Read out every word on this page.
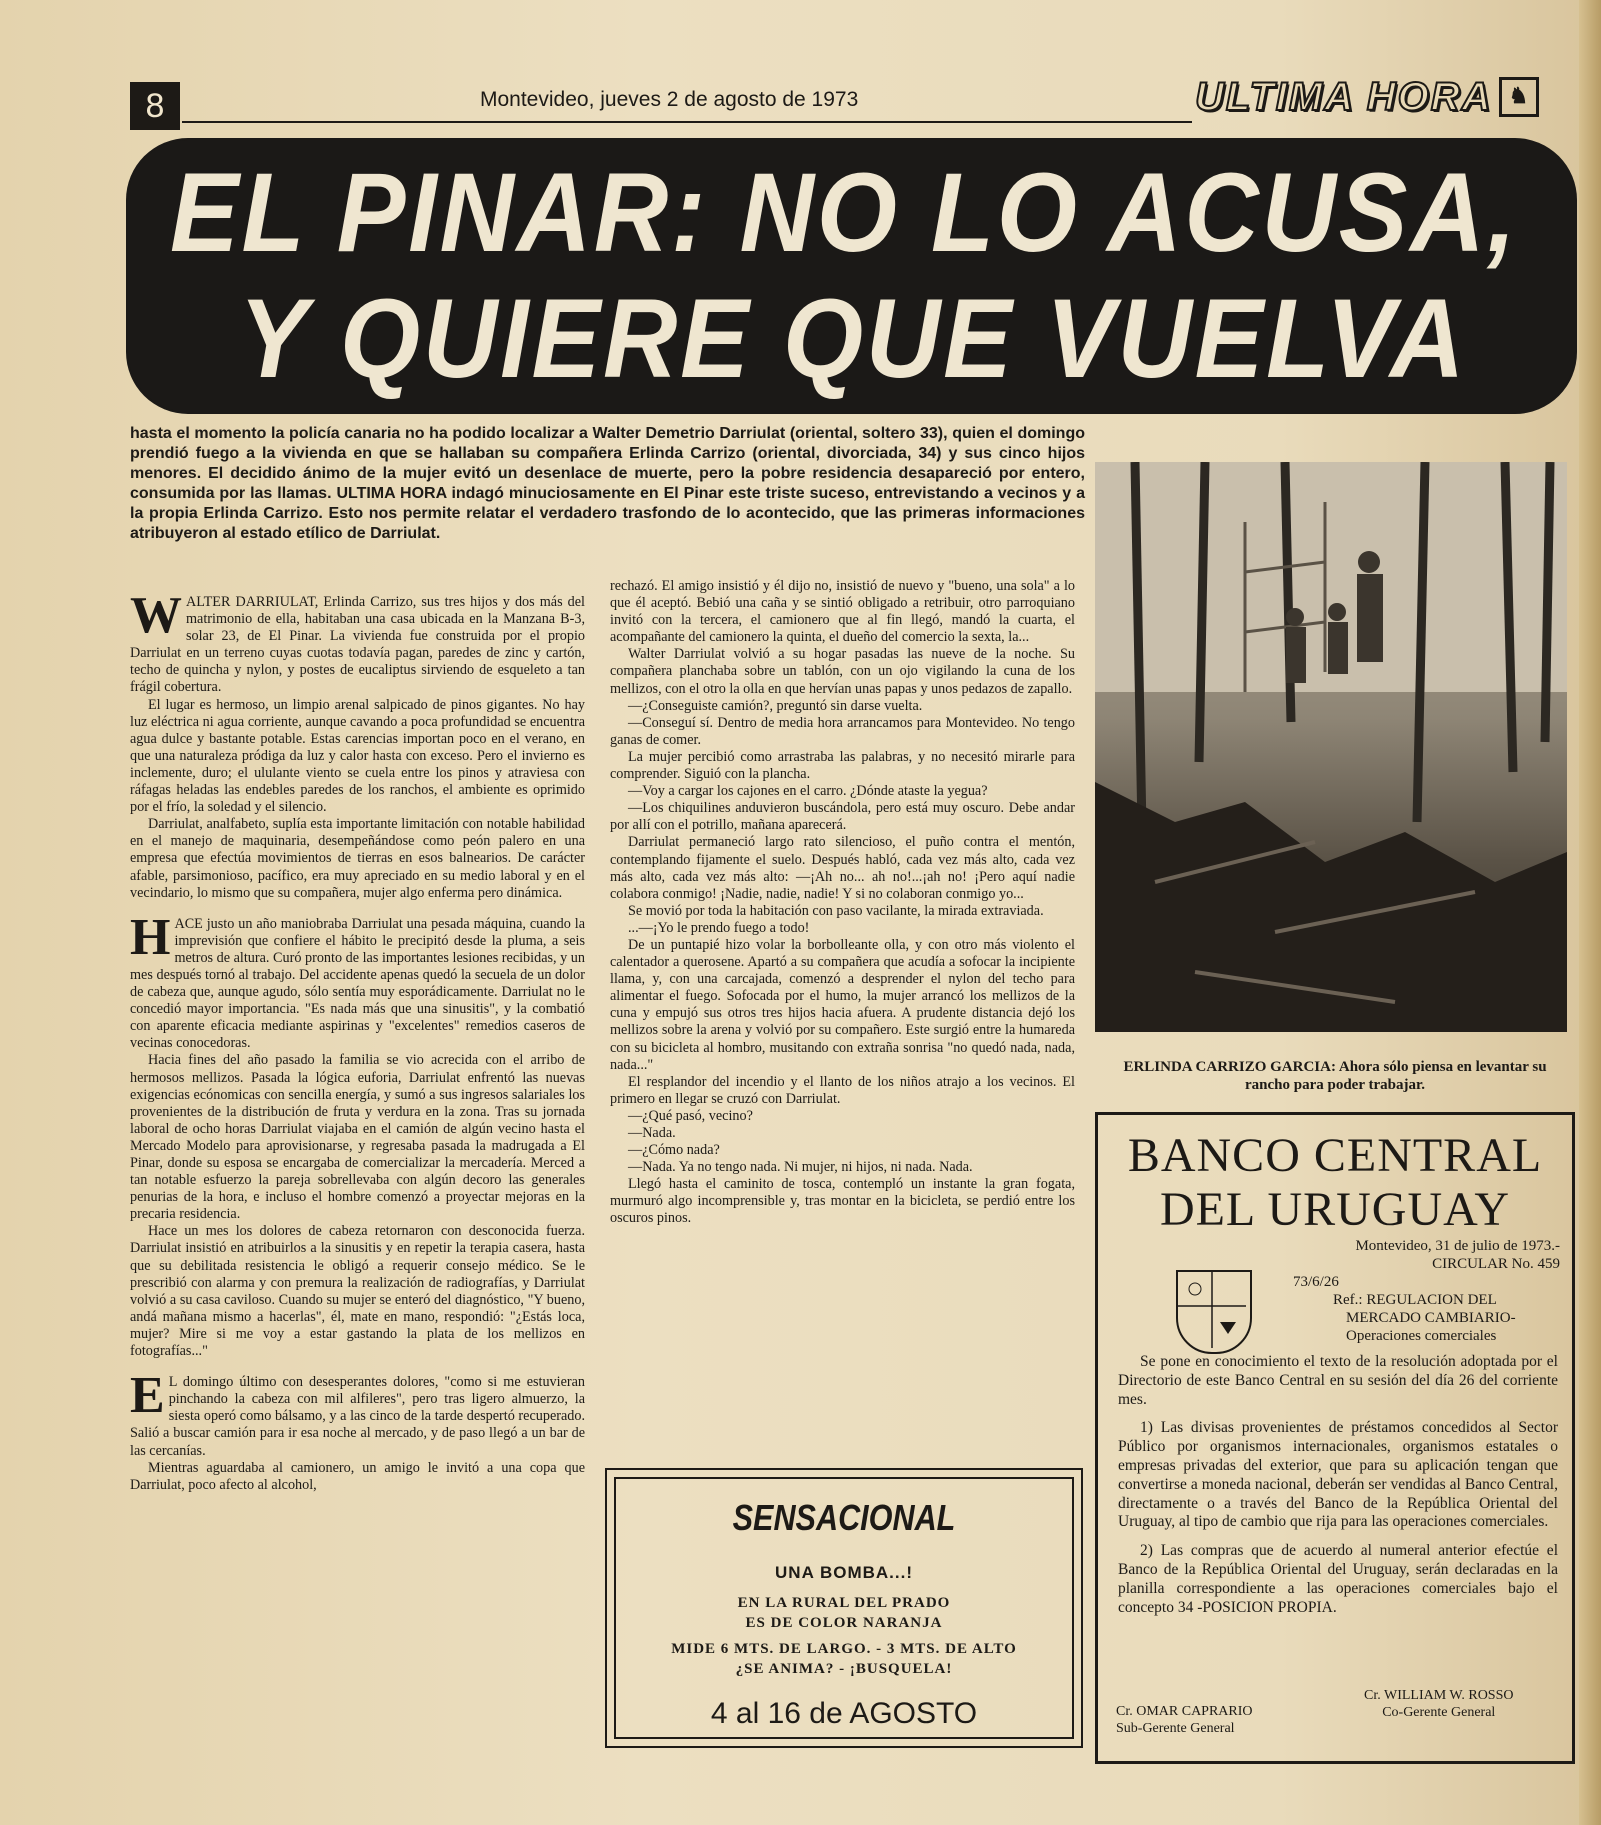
8	Montevideo, jueves 2 de agosto de 1973	ULTIMA HORA ♞
EL PINAR: NO LO ACUSA,
Y QUIERE QUE VUELVA
hasta el momento la policía canaria no ha podido localizar a Walter Demetrio Darriulat (oriental, soltero 33), quien el domingo prendió fuego a la vivienda en que se hallaban su compañera Erlinda Carrizo (oriental, divorciada, 34) y sus cinco hijos menores. El decidido ánimo de la mujer evitó un desenlace de muerte, pero la pobre residencia desapareció por entero, consumida por las llamas. ULTIMA HORA indagó minuciosamente en El Pinar este triste suceso, entrevistando a vecinos y a la propia Erlinda Carrizo. Esto nos permite relatar el verdadero trasfondo de lo acontecido, que las primeras informaciones atribuyeron al estado etílico de Darriulat.

WALTER DARRIULAT, Erlinda Carrizo, sus tres hijos y dos más del matrimonio de ella, habitaban una casa ubicada en la Manzana B-3, solar 23, de El Pinar. La vivienda fue construida por el propio Darriulat en un terreno cuyas cuotas todavía pagan, paredes de zinc y cartón, techo de quincha y nylon, y postes de eucaliptus sirviendo de esqueleto a tan frágil cobertura.

El lugar es hermoso, un limpio arenal salpicado de pinos gigantes. No hay luz eléctrica ni agua corriente, aunque cavando a poca profundidad se encuentra agua dulce y bastante potable. Estas carencias importan poco en el verano, en que una naturaleza pródiga da luz y calor hasta con exceso. Pero el invierno es inclemente, duro; el ululante viento se cuela entre los pinos y atraviesa con ráfagas heladas las endebles paredes de los ranchos, el ambiente es oprimido por el frío, la soledad y el silencio.

Darriulat, analfabeto, suplía esta importante limitación con notable habilidad en el manejo de maquinaria, desempeñándose como peón palero en una empresa que efectúa movimientos de tierras en esos balnearios. De carácter afable, parsimonioso, pacífico, era muy apreciado en su medio laboral y en el vecindario, lo mismo que su compañera, mujer algo enferma pero dinámica.

HACE justo un año maniobraba Darriulat una pesada máquina, cuando la imprevisión que confiere el hábito le precipitó desde la pluma, a seis metros de altura. Curó pronto de las importantes lesiones recibidas, y un mes después tornó al trabajo. Del accidente apenas quedó la secuela de un dolor de cabeza que, aunque agudo, sólo sentía muy esporádicamente. Darriulat no le concedió mayor importancia. "Es nada más que una sinusitis", y la combatió con aparente eficacia mediante aspirinas y "excelentes" remedios caseros de vecinas conocedoras.

Hacia fines del año pasado la familia se vio acrecida con el arribo de hermosos mellizos. Pasada la lógica euforia, Darriulat enfrentó las nuevas exigencias ecónomicas con sencilla energía, y sumó a sus ingresos salariales los provenientes de la distribución de fruta y verdura en la zona. Tras su jornada laboral de ocho horas Darriulat viajaba en el camión de algún vecino hasta el Mercado Modelo para aprovisionarse, y regresaba pasada la madrugada a El Pinar, donde su esposa se encargaba de comercializar la mercadería. Merced a tan notable esfuerzo la pareja sobrellevaba con algún decoro las generales penurias de la hora, e incluso el hombre comenzó a proyectar mejoras en la precaria residencia.

Hace un mes los dolores de cabeza retornaron con desconocida fuerza. Darriulat insistió en atribuirlos a la sinusitis y en repetir la terapia casera, hasta que su debilitada resistencia le obligó a requerir consejo médico. Se le prescribió con alarma y con premura la realización de radiografías, y Darriulat volvió a su casa caviloso. Cuando su mujer se enteró del diagnóstico, "Y bueno, andá mañana mismo a hacerlas", él, mate en mano, respondió: "¿Estás loca, mujer? Mire si me voy a estar gastando la plata de los mellizos en fotografías..."

E L domingo último con desesperantes dolores, "como si me estuvieran pinchando la cabeza con mil alfileres", pero tras ligero almuerzo, la siesta operó como bálsamo, y a las cinco de la tarde despertó recuperado. Salió a buscar camión para ir esa noche al mercado, y de paso llegó a un bar de las cercanías.

Mientras aguardaba al camionero, un amigo le invitó a una copa que Darriulat, poco afecto al alcohol,

rechazó. El amigo insistió y él dijo no, insistió de nuevo y "bueno, una sola" a lo que él aceptó. Bebió una caña y se sintió obligado a retribuir, otro parroquiano invitó con la tercera, el camionero que al fin llegó, mandó la cuarta, el acompañante del camionero la quinta, el dueño del comercio la sexta, la...

Walter Darriulat volvió a su hogar pasadas las nueve de la noche. Su compañera planchaba sobre un tablón, con un ojo vigilando la cuna de los mellizos, con el otro la olla en que hervían unas papas y unos pedazos de zapallo.

—¿Conseguiste camión?, preguntó sin darse vuelta.

—Conseguí sí. Dentro de media hora arrancamos para Montevideo. No tengo ganas de comer.

La mujer percibió como arrastraba las palabras, y no necesitó mirarle para comprender. Siguió con la plancha.

—Voy a cargar los cajones en el carro. ¿Dónde ataste la yegua?

—Los chiquilines anduvieron buscándola, pero está muy oscuro. Debe andar por allí con el potrillo, mañana aparecerá.

Darriulat permaneció largo rato silencioso, el puño contra el mentón, contemplando fijamente el suelo. Después habló, cada vez más alto, cada vez más alto, cada vez más alto: —¡Ah no... ah no!...¡ah no! ¡Pero aquí nadie colabora conmigo! ¡Nadie, nadie, nadie! Y si no colaboran conmigo yo...

Se movió por toda la habitación con paso vacilante, la mirada extraviada.

...—¡Yo le prendo fuego a todo!

De un puntapié hizo volar la borbolleante olla, y con otro más violento el calentador a querosene. Apartó a su compañera que acudía a sofocar la incipiente llama, y, con una carcajada, comenzó a desprender el nylon del techo para alimentar el fuego. Sofocada por el humo, la mujer arrancó los mellizos de la cuna y empujó sus otros tres hijos hacia afuera. A prudente distancia dejó los mellizos sobre la arena y volvió por su compañero. Este surgió entre la humareda con su bicicleta al hombro, musitando con extraña sonrisa "no quedó nada, nada, nada..."

El resplandor del incendio y el llanto de los niños atrajo a los vecinos. El primero en llegar se cruzó con Darriulat.

—¿Qué pasó, vecino?

—Nada.

—¿Cómo nada?

—Nada. Ya no tengo nada. Ni mujer, ni hijos, ni nada. Nada.

Llegó hasta el caminito de tosca, contempló un instante la gran fogata, murmuró algo incomprensible y, tras montar en la bicicleta, se perdió entre los oscuros pinos.

ERLINDA CARRIZO GARCIA: Ahora sólo piensa en levantar su rancho para poder trabajar.
SENSACIONAL
UNA BOMBA...!
EN LA RURAL DEL PRADO
ES DE COLOR NARANJA
MIDE 6 MTS. DE LARGO. - 3 MTS. DE ALTO
¿SE ANIMA? - ¡BUSQUELA!
4 al 16 de AGOSTO
BANCO CENTRAL
DEL URUGUAY
Montevideo, 31 de julio de 1973.-
CIRCULAR No. 459
73/6/26
Ref.: REGULACION DEL
MERCADO CAMBIARIO-
Operaciones comerciales

Se pone en conocimiento el texto de la resolución adoptada por el Directorio de este Banco Central en su sesión del día 26 del corriente mes.

1) Las divisas provenientes de préstamos concedidos al Sector Público por organismos internacionales, organismos estatales o empresas privadas del exterior, que para su aplicación tengan que convertirse a moneda nacional, deberán ser vendidas al Banco Central, directamente o a través del Banco de la República Oriental del Uruguay, al tipo de cambio que rija para las operaciones comerciales.

2) Las compras que de acuerdo al numeral anterior efectúe el Banco de la República Oriental del Uruguay, serán declaradas en la planilla correspondiente a las operaciones comerciales bajo el concepto 34 -POSICION PROPIA.

Cr. OMAR CAPRARIO
Sub-Gerente General
Cr. WILLIAM W. ROSSO
Co-Gerente General
